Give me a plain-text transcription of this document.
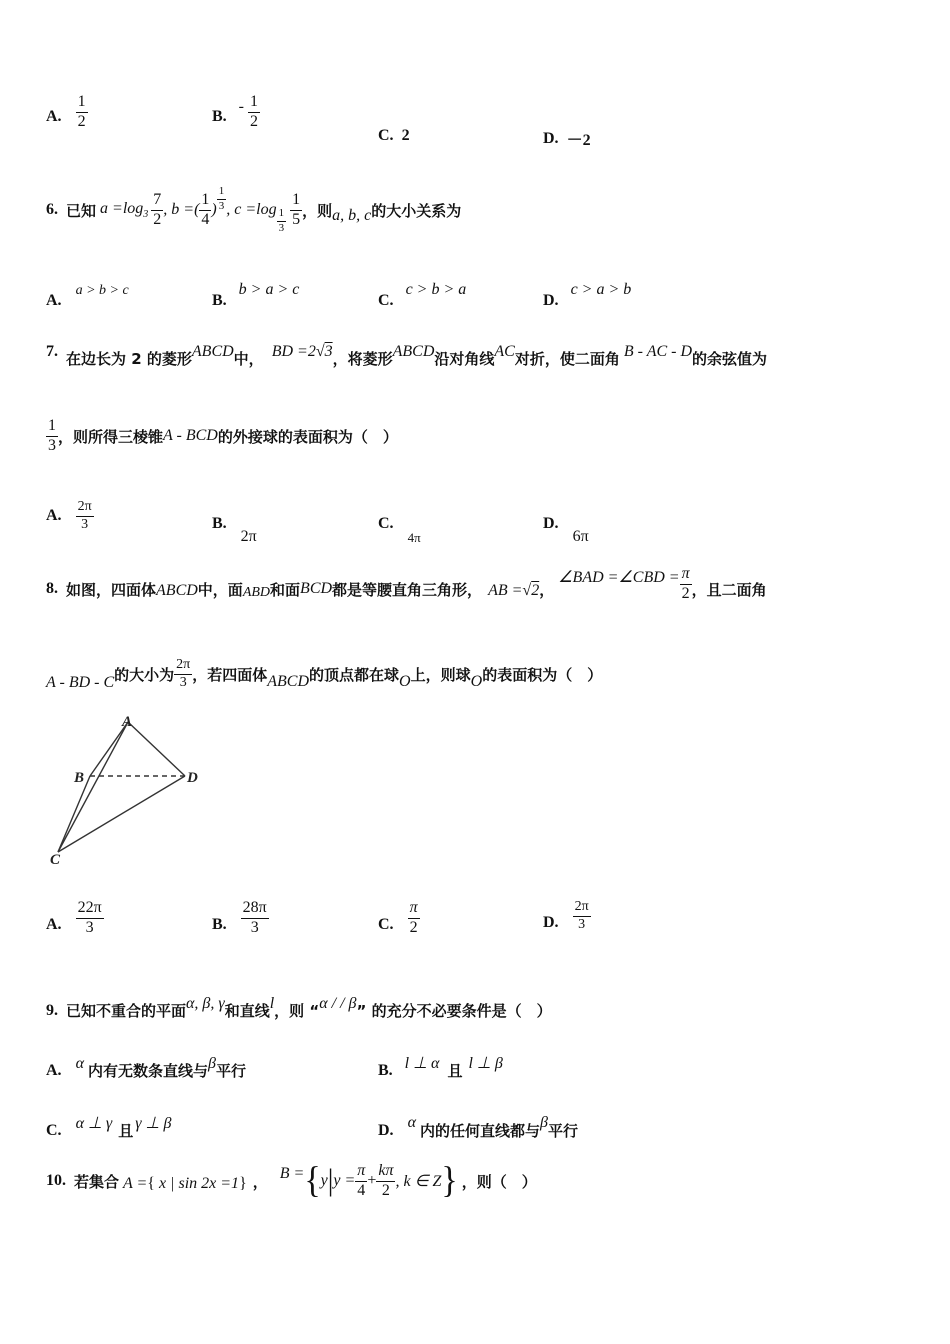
A. $\frac{1}{2}$	B.
- $\frac{1}{2}$
C. 2	D. －2
6. 已知 $a =\log_3 \frac{7}{2}$ , b =( $\frac{1}{4}$ ) $\frac{1}{3}$ , $c =\log \frac{1}{3} \frac{1}{5}$ ，则 a, b, c 的大小关系为
A.
a > b > c
B.
b > a > c
C.
c > b > a
D.
c > a > b
7. 在边长为 2 的菱形 ABCD 中， BD =2√3 ，将菱形 ABCD 沿对角线 AC 对折，使二面角 B - AC - D 的余弦值为
$\frac{1}{3}$ ，则所得三棱锥 A - BCD 的外接球的表面积为（　）
A. $\frac{2\pi}{3}$	B.
2π
C.
4π
D.
6π
8. 如图，四面体 ABCD 中，面 ABD 和面 BCD 都是等腰直角三角形， AB =√2 ，
∠BAD =∠CBD = $\frac{\pi}{2}$ ，且二面角
A - BD - C 的大小为 $\frac{2\pi}{3}$ ，若四面体 ABCD 的顶点都在球 O 上，则球 O 的表面积为（　）
A
B	D
C
A. $\frac{22\pi}{3}$	B. $\frac{28\pi}{3}$	C. $\frac{\pi}{2}$	D. $\frac{2\pi}{3}$
9. 已知不重合的平面 α, β, γ 和直线 l ，则 “ α / / β ” 的充分不必要条件是（　）
A. α 内有无数条直线与 β 平行	B. l ⊥ α 且 l ⊥ β
C. α ⊥ γ 且 γ ⊥ β	D. α 内的任何直线都与 β 平行
10. 若集合 A ={ x | sin 2x =1} ， B = { y | $y = \frac{\pi}{4} + \frac{k\pi}{2}$ , k ∈ Z } ，则（　）
